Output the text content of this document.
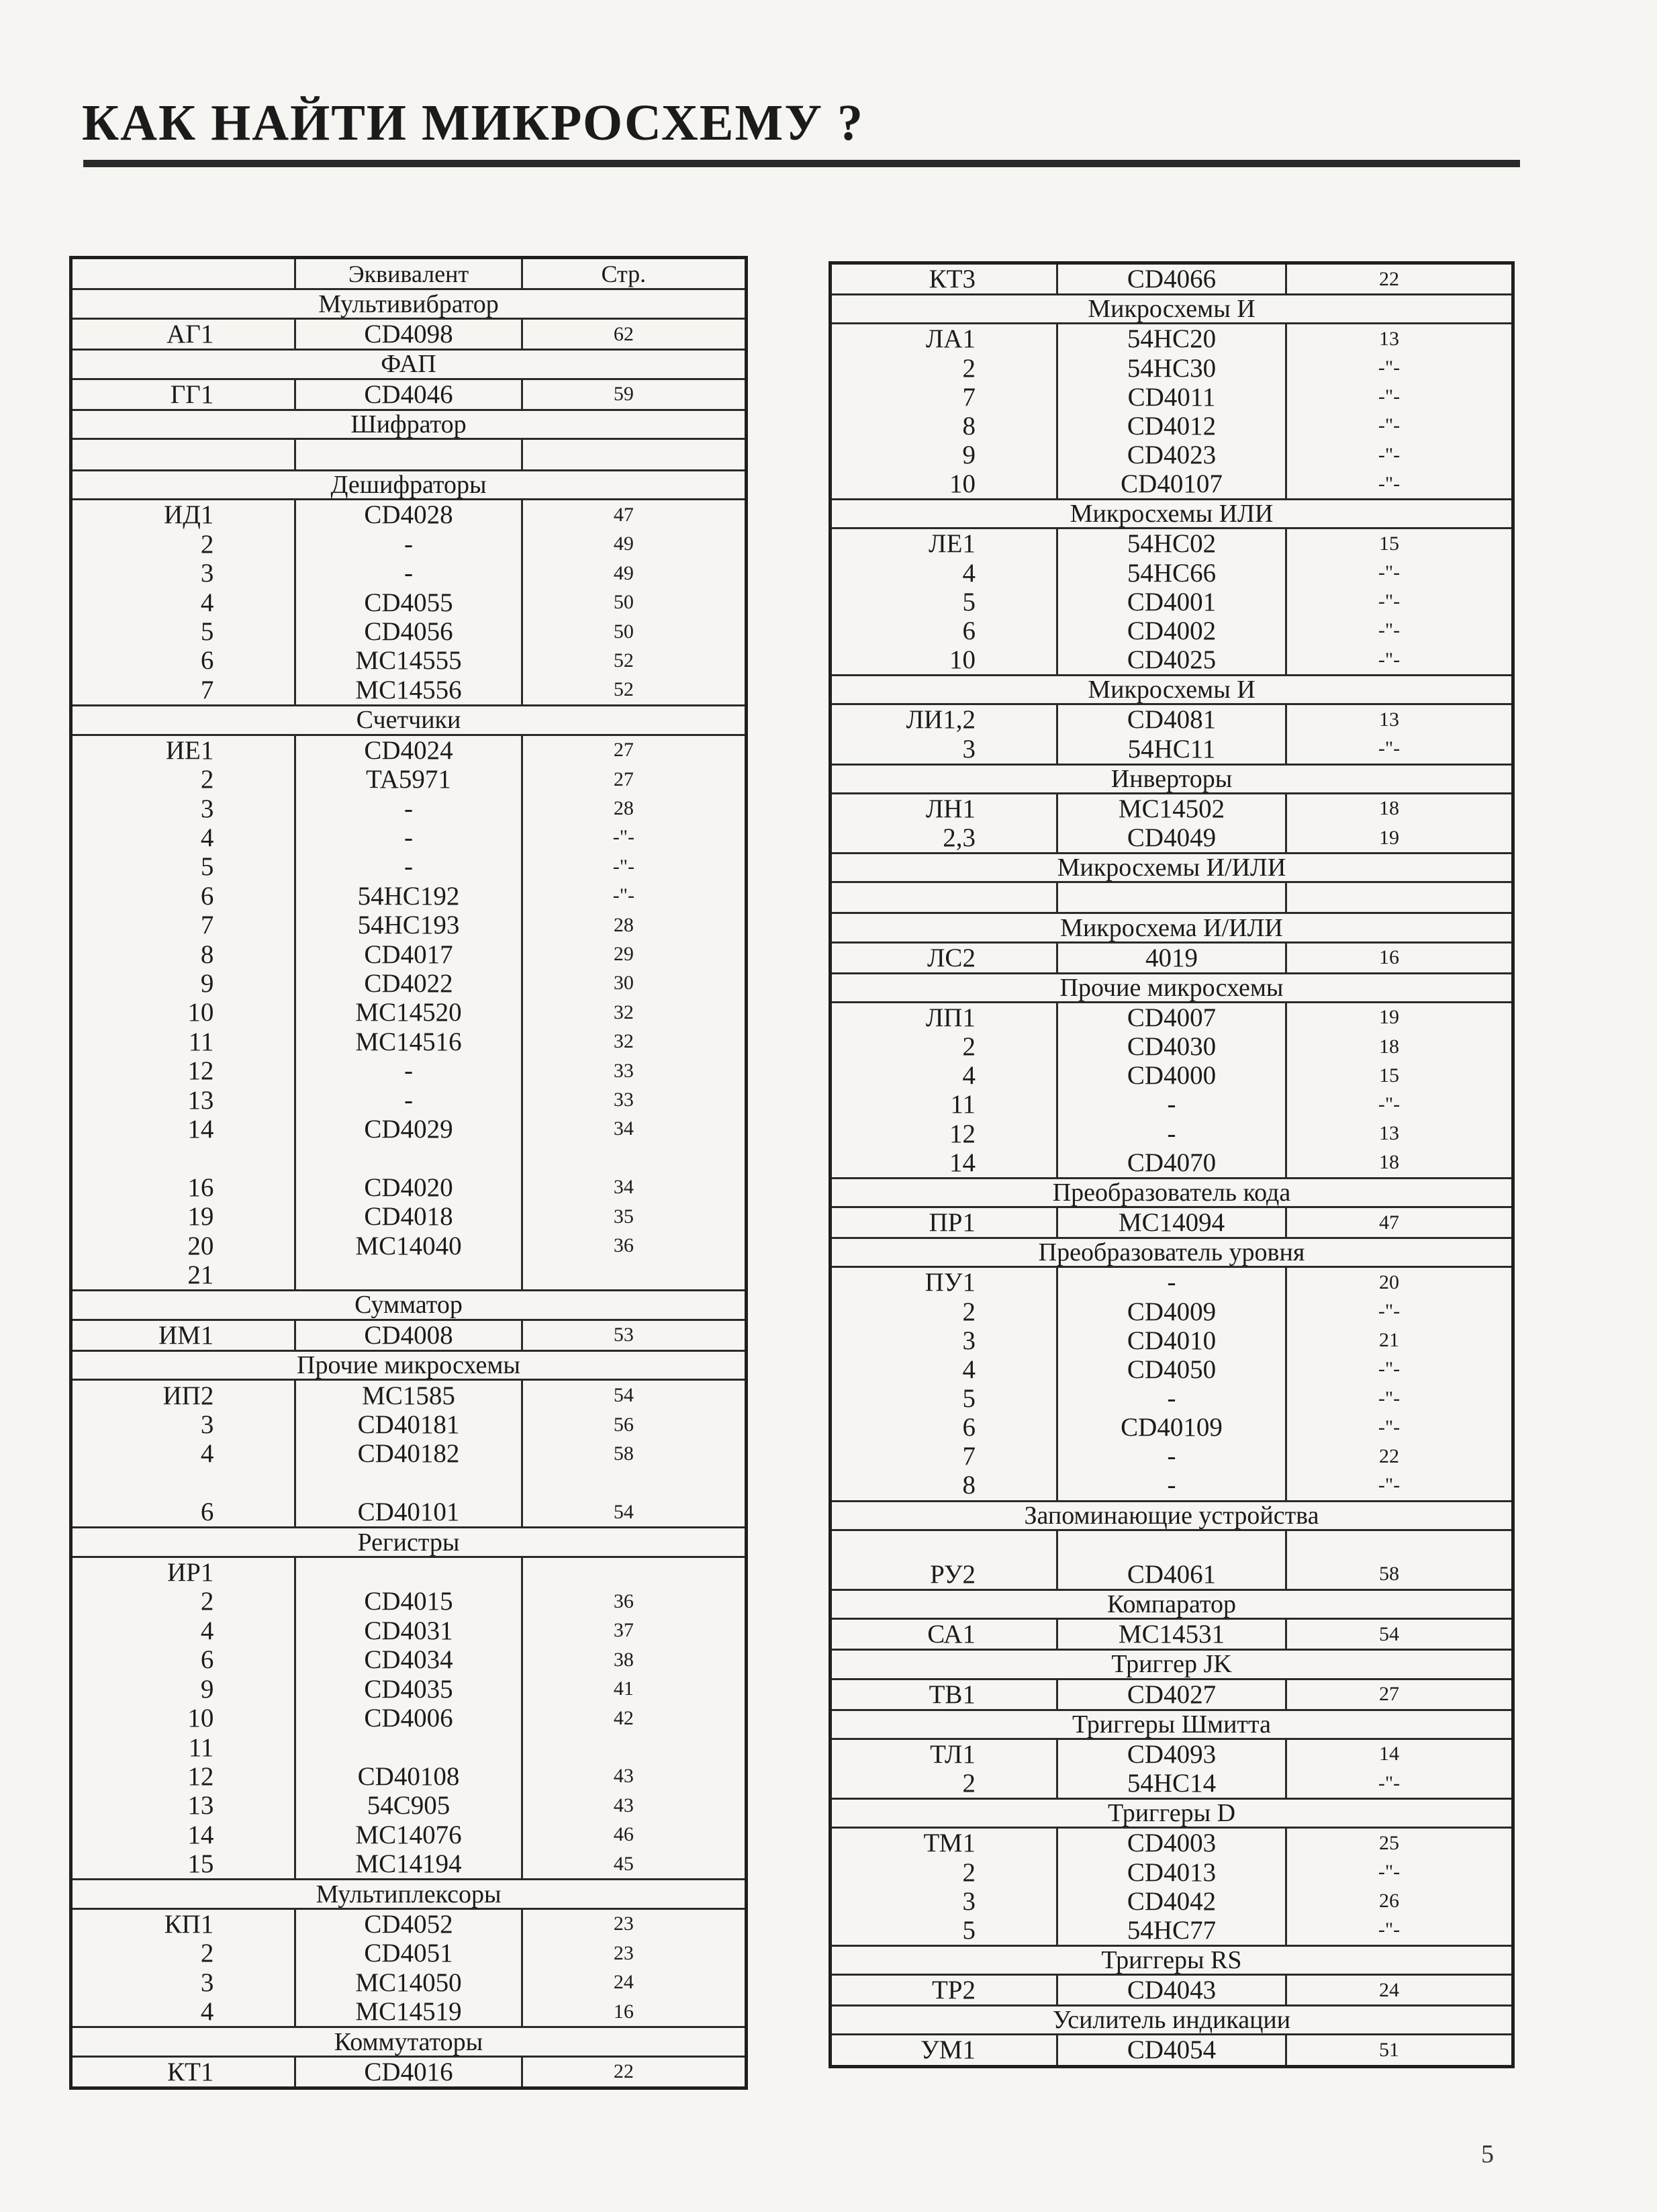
КАК НАЙТИ МИКРОСХЕМУ ?
Эквивалент	Стр.
Мультивибратор
АГ1	CD4098	62
ФАП
ГГ1	CD4046	59
Шифратор
Дешифраторы
ИД1	CD4028	47
2	-	49
3	-	49
4	CD4055	50
5	CD4056	50
6	MC14555	52
7	MC14556	52
Счетчики
ИЕ1	CD4024	27
2	TA5971	27
3	-	28
4	-	-"-
5	-	-"-
6	54HC192	-"-
7	54HC193	28
8	CD4017	29
9	CD4022	30
10	MC14520	32
11	MC14516	32
12	-	33
13	-	33
14	CD4029	34
16	CD4020	34
19	CD4018	35
20	MC14040	36
21
Сумматор
ИМ1	CD4008	53
Прочие микросхемы
ИП2	MC1585	54
3	CD40181	56
4	CD40182	58
6	CD40101	54
Регистры
ИР1
2	CD4015	36
4	CD4031	37
6	CD4034	38
9	CD4035	41
10	CD4006	42
11
12	CD40108	43
13	54C905	43
14	MC14076	46
15	MC14194	45
Мультиплексоры
КП1	CD4052	23
2	CD4051	23
3	MC14050	24
4	MC14519	16
Коммутаторы
КТ1	CD4016	22
КТ3	CD4066	22
Микросхемы И
ЛА1	54HC20	13
2	54HC30	-"-
7	CD4011	-"-
8	CD4012	-"-
9	CD4023	-"-
10	CD40107	-"-
Микросхемы ИЛИ
ЛЕ1	54HC02	15
4	54HC66	-"-
5	CD4001	-"-
6	CD4002	-"-
10	CD4025	-"-
Микросхемы И
ЛИ1,2	CD4081	13
3	54HC11	-"-
Инверторы
ЛН1	MC14502	18
2,3	CD4049	19
Микросхемы И/ИЛИ
Микросхема И/ИЛИ
ЛС2	4019	16
Прочие микросхемы
ЛП1	CD4007	19
2	CD4030	18
4	CD4000	15
11	-	-"-
12	-	13
14	CD4070	18
Преобразователь кода
ПР1	MC14094	47
Преобразователь уровня
ПУ1	-	20
2	CD4009	-"-
3	CD4010	21
4	CD4050	-"-
5	-	-"-
6	CD40109	-"-
7	-	22
8	-	-"-
Запоминающие устройства
РУ2	CD4061	58
Компаратор
СА1	MC14531	54
Триггер JK
ТВ1	CD4027	27
Триггеры Шмитта
ТЛ1	CD4093	14
2	54HC14	-"-
Триггеры D
ТМ1	CD4003	25
2	CD4013	-"-
3	CD4042	26
5	54HC77	-"-
Триггеры RS
ТР2	CD4043	24
Усилитель индикации
УМ1	CD4054	51
5
